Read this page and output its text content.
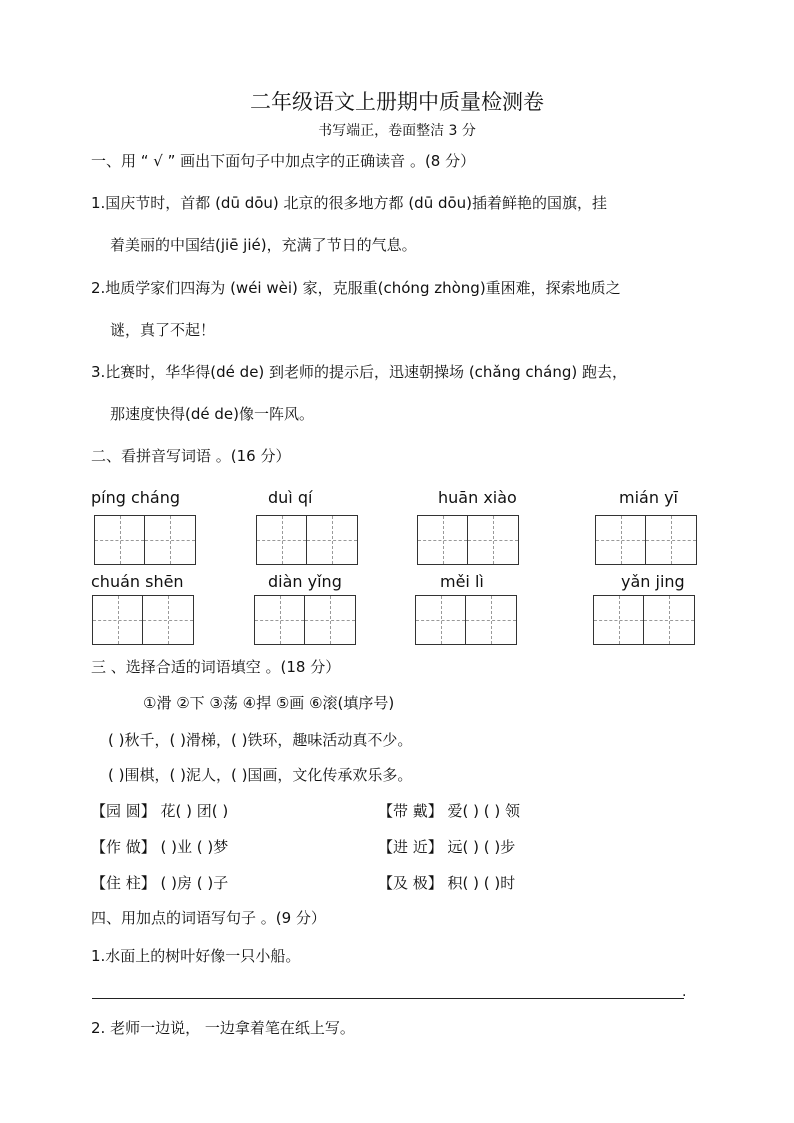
二年级语文上册期中质量检测卷
书写端正，卷面整洁 3 分
一、用 “ √ ” 画出下面句子中加点字的正确读音 。(8 分）
1.国庆节时，首都 (dū dōu) 北京的很多地方都 (dū dōu)插着鲜艳的国旗，挂
着美丽的中国结(jiē jié)，充满了节日的气息。
2.地质学家们四海为 (wéi wèi) 家，克服重(chóng zhòng)重困难，探索地质之
谜，真了不起！
3.比赛时，华华得(dé de) 到老师的提示后，迅速朝操场 (chǎng cháng) 跑去，
那速度快得(dé de)像一阵风。
二、看拼音写词语 。(16 分）
píng cháng	duì qí	huān xiào	mián yī
chuán shēn	diàn yǐng	měi lì	yǎn jing
三 、选择合适的词语填空 。(18 分）
①滑 ②下 ③荡 ④捍 ⑤画 ⑥滚(填序号)
( )秋千，( )滑梯，( )铁环，趣味活动真不少。
( )围棋，( )泥人，( )国画，文化传承欢乐多。
【园 圆】 花( ) 团( )	【带 戴】 爱( ) ( ) 领
【作 做】 ( )业 ( )梦	【进 近】 远( ) ( )步
【住 柱】 ( )房 ( )子	【及 极】 积( ) ( )时
四、用加点的词语写句子 。(9 分）
1.水面上的树叶好像一只小船。
.
2. 老师一边说， 一边拿着笔在纸上写。
